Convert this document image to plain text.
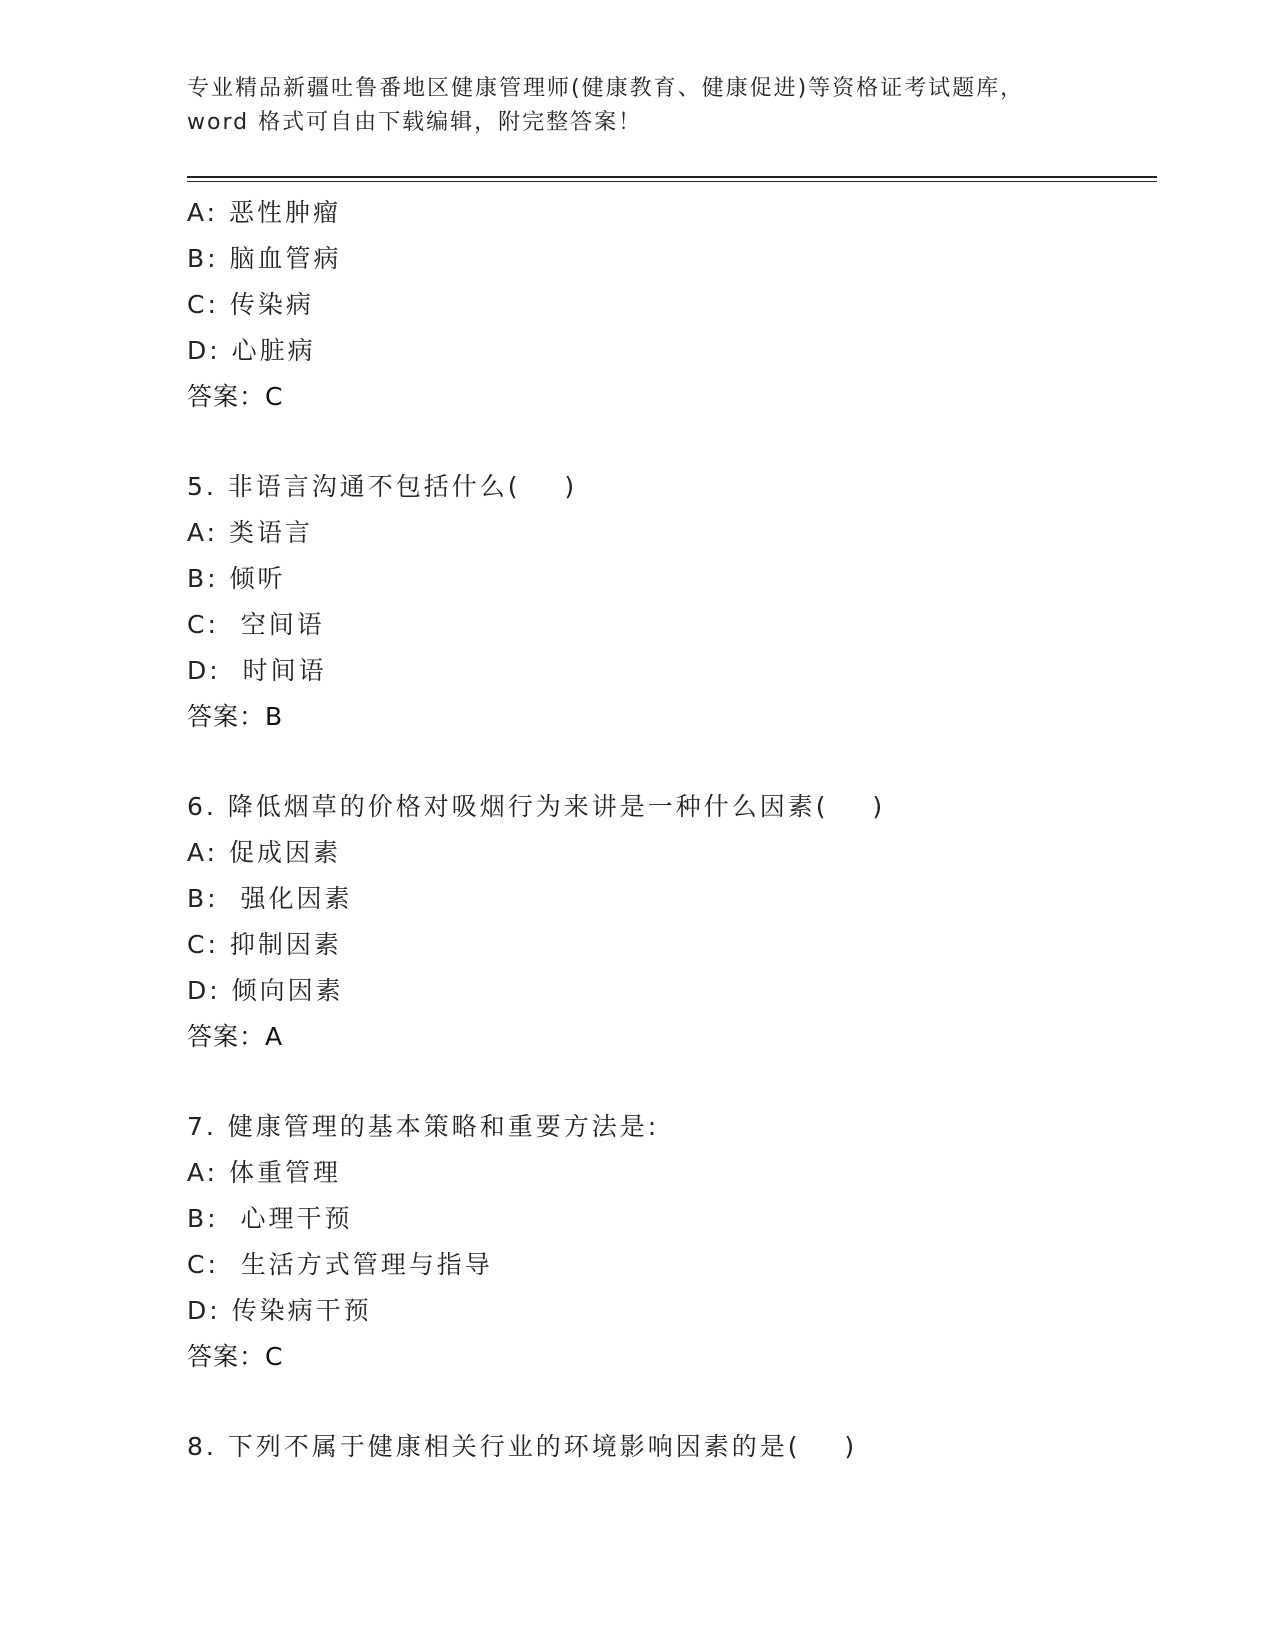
专业精品新疆吐鲁番地区健康管理师(健康教育、健康促进)等资格证考试题库，
word 格式可自由下载编辑，附完整答案！
A: 恶性肿瘤
B: 脑血管病
C: 传染病
D: 心脏病
答案：C
5. 非语言沟通不包括什么(    )
A: 类语言
B: 倾听
C:  空间语
D:  时间语
答案：B
6. 降低烟草的价格对吸烟行为来讲是一种什么因素(    )
A: 促成因素
B:  强化因素
C: 抑制因素
D: 倾向因素
答案：A
7. 健康管理的基本策略和重要方法是:
A: 体重管理
B:  心理干预
C:  生活方式管理与指导
D: 传染病干预
答案：C
8. 下列不属于健康相关行业的环境影响因素的是(    )
